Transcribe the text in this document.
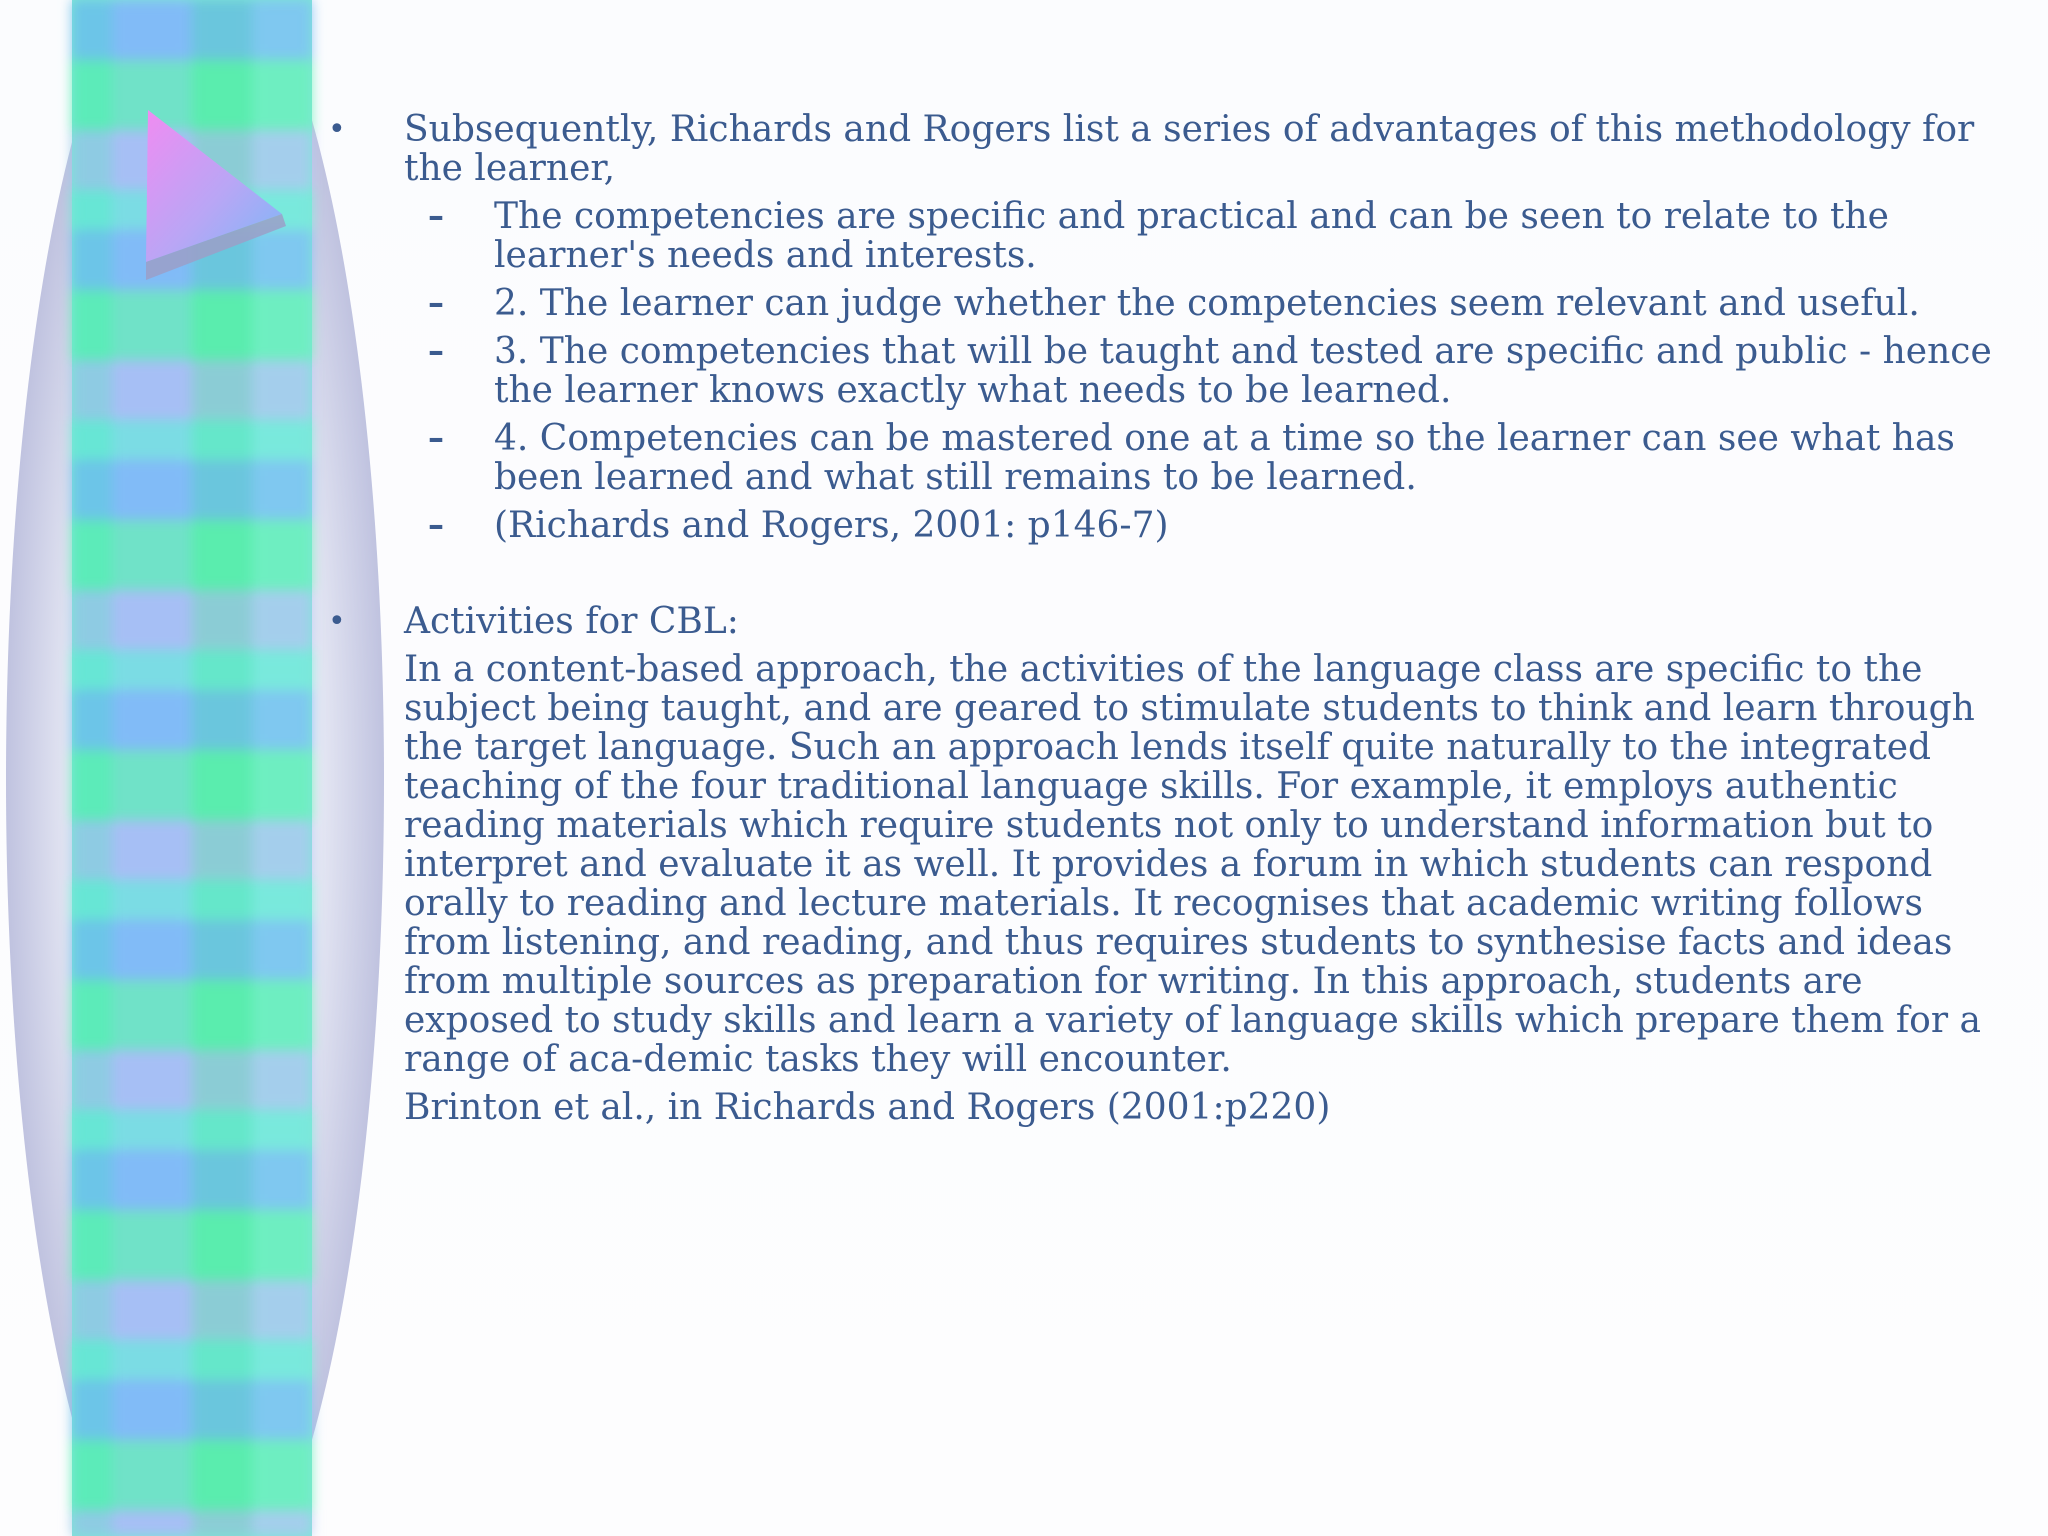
• Subsequently, Richards and Rogers list a series of advantages of this methodology for the learner,
– The competencies are specific and practical and can be seen to relate to the learner's needs and interests.
– 2. The learner can judge whether the competencies seem relevant and useful.
– 3. The competencies that will be taught and tested are specific and public - hence the learner knows exactly what needs to be learned.
– 4. Competencies can be mastered one at a time so the learner can see what has been learned and what still remains to be learned.
– (Richards and Rogers, 2001: p146-7)
• Activities for CBL:
In a content-based approach, the activities of the language class are specific to the subject being taught, and are geared to stimulate students to think and learn through the target language. Such an approach lends itself quite naturally to the integrated teaching of the four traditional language skills. For example, it employs authentic reading materials which require students not only to understand information but to interpret and evaluate it as well. It provides a forum in which students can respond orally to reading and lecture materials. It recognises that academic writing follows from listening, and reading, and thus requires students to synthesise facts and ideas from multiple sources as preparation for writing. In this approach, students are exposed to study skills and learn a variety of language skills which prepare them for a range of aca-demic tasks they will encounter.
Brinton et al., in Richards and Rogers (2001:p220)
